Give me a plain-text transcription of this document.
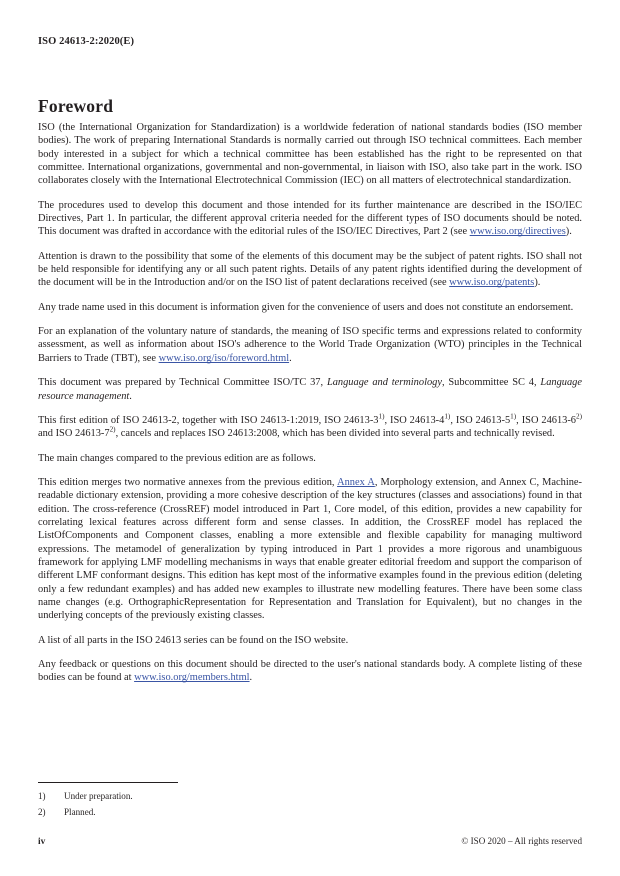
ISO 24613-2:2020(E)
Foreword

ISO (the International Organization for Standardization) is a worldwide federation of national standards bodies (ISO member bodies). The work of preparing International Standards is normally carried out through ISO technical committees. Each member body interested in a subject for which a technical committee has been established has the right to be represented on that committee. International organizations, governmental and non-governmental, in liaison with ISO, also take part in the work. ISO collaborates closely with the International Electrotechnical Commission (IEC) on all matters of electrotechnical standardization.

The procedures used to develop this document and those intended for its further maintenance are described in the ISO/IEC Directives, Part 1. In particular, the different approval criteria needed for the different types of ISO documents should be noted. This document was drafted in accordance with the editorial rules of the ISO/IEC Directives, Part 2 (see www.iso.org/directives).

Attention is drawn to the possibility that some of the elements of this document may be the subject of patent rights. ISO shall not be held responsible for identifying any or all such patent rights. Details of any patent rights identified during the development of the document will be in the Introduction and/or on the ISO list of patent declarations received (see www.iso.org/patents).

Any trade name used in this document is information given for the convenience of users and does not constitute an endorsement.

For an explanation of the voluntary nature of standards, the meaning of ISO specific terms and expressions related to conformity assessment, as well as information about ISO's adherence to the World Trade Organization (WTO) principles in the Technical Barriers to Trade (TBT), see www.iso.org/iso/foreword.html.

This document was prepared by Technical Committee ISO/TC 37, Language and terminology, Subcommittee SC 4, Language resource management.

This first edition of ISO 24613-2, together with ISO 24613-1:2019, ISO 24613-3$^{1)}$, ISO 24613-4$^{1)}$, ISO 24613-5$^{1)}$, ISO 24613-6$^{2)}$ and ISO 24613-7$^{2)}$, cancels and replaces ISO 24613:2008, which has been divided into several parts and technically revised.

The main changes compared to the previous edition are as follows.

This edition merges two normative annexes from the previous edition, Annex A, Morphology extension, and Annex C, Machine-readable dictionary extension, providing a more cohesive description of the key structures (classes and associations) found in that edition. The cross-reference (CrossREF) model introduced in Part 1, Core model, of this edition, provides a new capability for correlating lexical features across different form and sense classes. In addition, the CrossREF model has replaced the ListOfComponents and Component classes, enabling a more extensible and flexible capability for managing multiword expressions. The metamodel of generalization by typing introduced in Part 1 provides a more rigorous and unambiguous framework for applying LMF modelling mechanisms in ways that enable greater editorial freedom and support the comparison of different LMF conformant designs. This edition has kept most of the informative examples found in the previous edition (deleting only a few redundant examples) and has added new examples to illustrate new modelling features. There have been some class name changes (e.g. OrthographicRepresentation for Representation and Translation for Equivalent), but no changes in the underlying concepts of the previously existing classes.

A list of all parts in the ISO 24613 series can be found on the ISO website.

Any feedback or questions on this document should be directed to the user's national standards body. A complete listing of these bodies can be found at www.iso.org/members.html.

1)	Under preparation.
2)	Planned.
iv	© ISO 2020 – All rights reserved
